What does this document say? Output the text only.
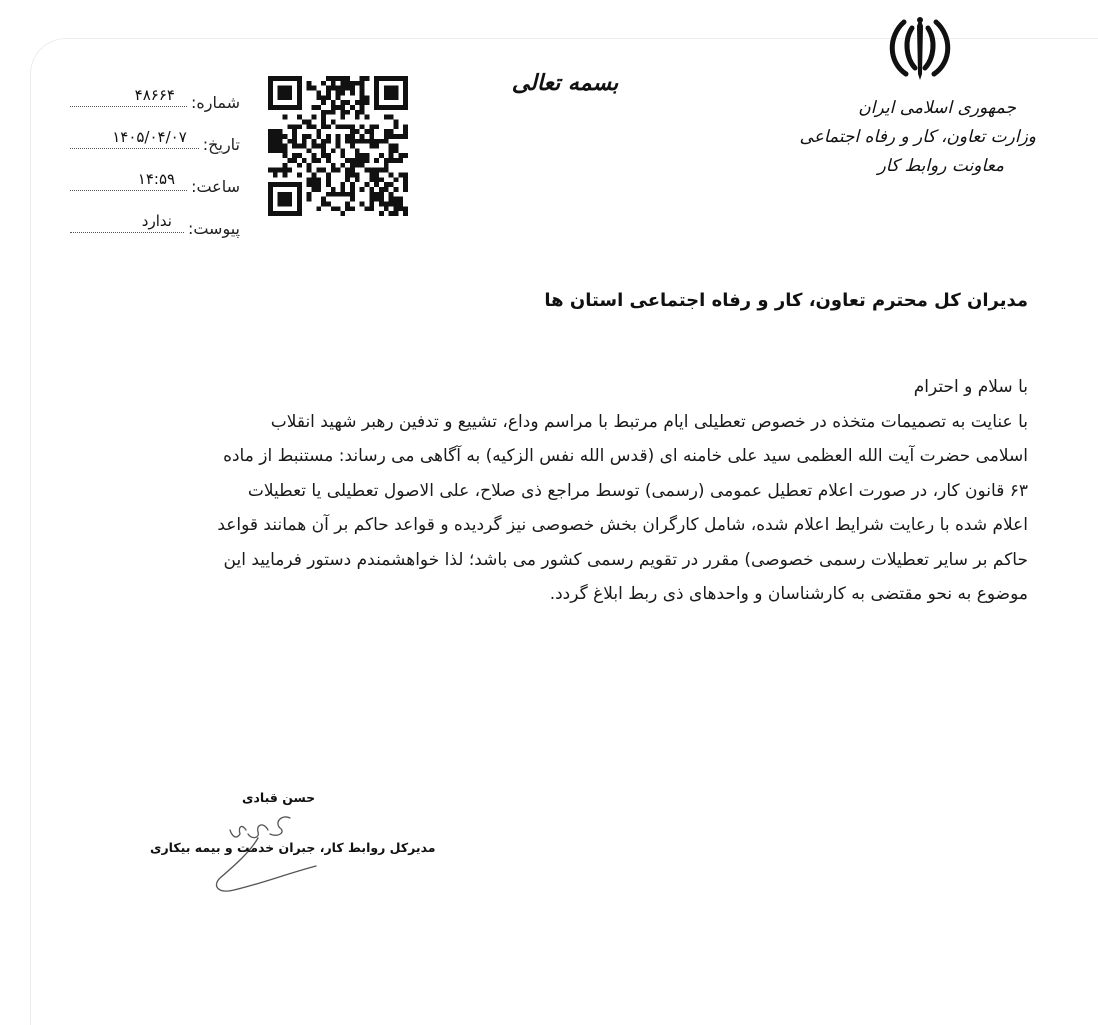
جمهوری اسلامی ایران
وزارت تعاون، کار و رفاه اجتماعی
معاونت روابط کار
بسمه تعالی
شماره:
۴۸۶۶۴
تاریخ:
۱۴۰۵/۰۴/۰۷
ساعت:
۱۴:۵۹
پیوست:
ندارد
مدیران کل محترم تعاون، کار و رفاه اجتماعی استان ها
با سلام و احترام
با عنایت به تصمیمات متخذه در خصوص تعطیلی ایام مرتبط با مراسم وداع، تشییع و تدفین رهبر شهید انقلاب
اسلامی حضرت آیت الله العظمی سید علی خامنه ای (قدس الله نفس الزکیه) به آگاهی می رساند: مستنبط از ماده
۶۳ قانون کار، در صورت اعلام تعطیل عمومی (رسمی) توسط مراجع ذی صلاح، علی الاصول تعطیلی یا تعطیلات
اعلام شده با رعایت شرایط اعلام شده، شامل کارگران بخش خصوصی نیز گردیده و قواعد حاکم بر آن همانند قواعد
حاکم بر سایر تعطیلات رسمی خصوصی) مقرر در تقویم رسمی کشور می باشد؛ لذا خواهشمندم دستور فرمایید این
موضوع به نحو مقتضی به کارشناسان و واحدهای ذی ربط ابلاغ گردد.
حسن قبادی
مدیرکل روابط کار، جبران خدمت و بیمه بیکاری
